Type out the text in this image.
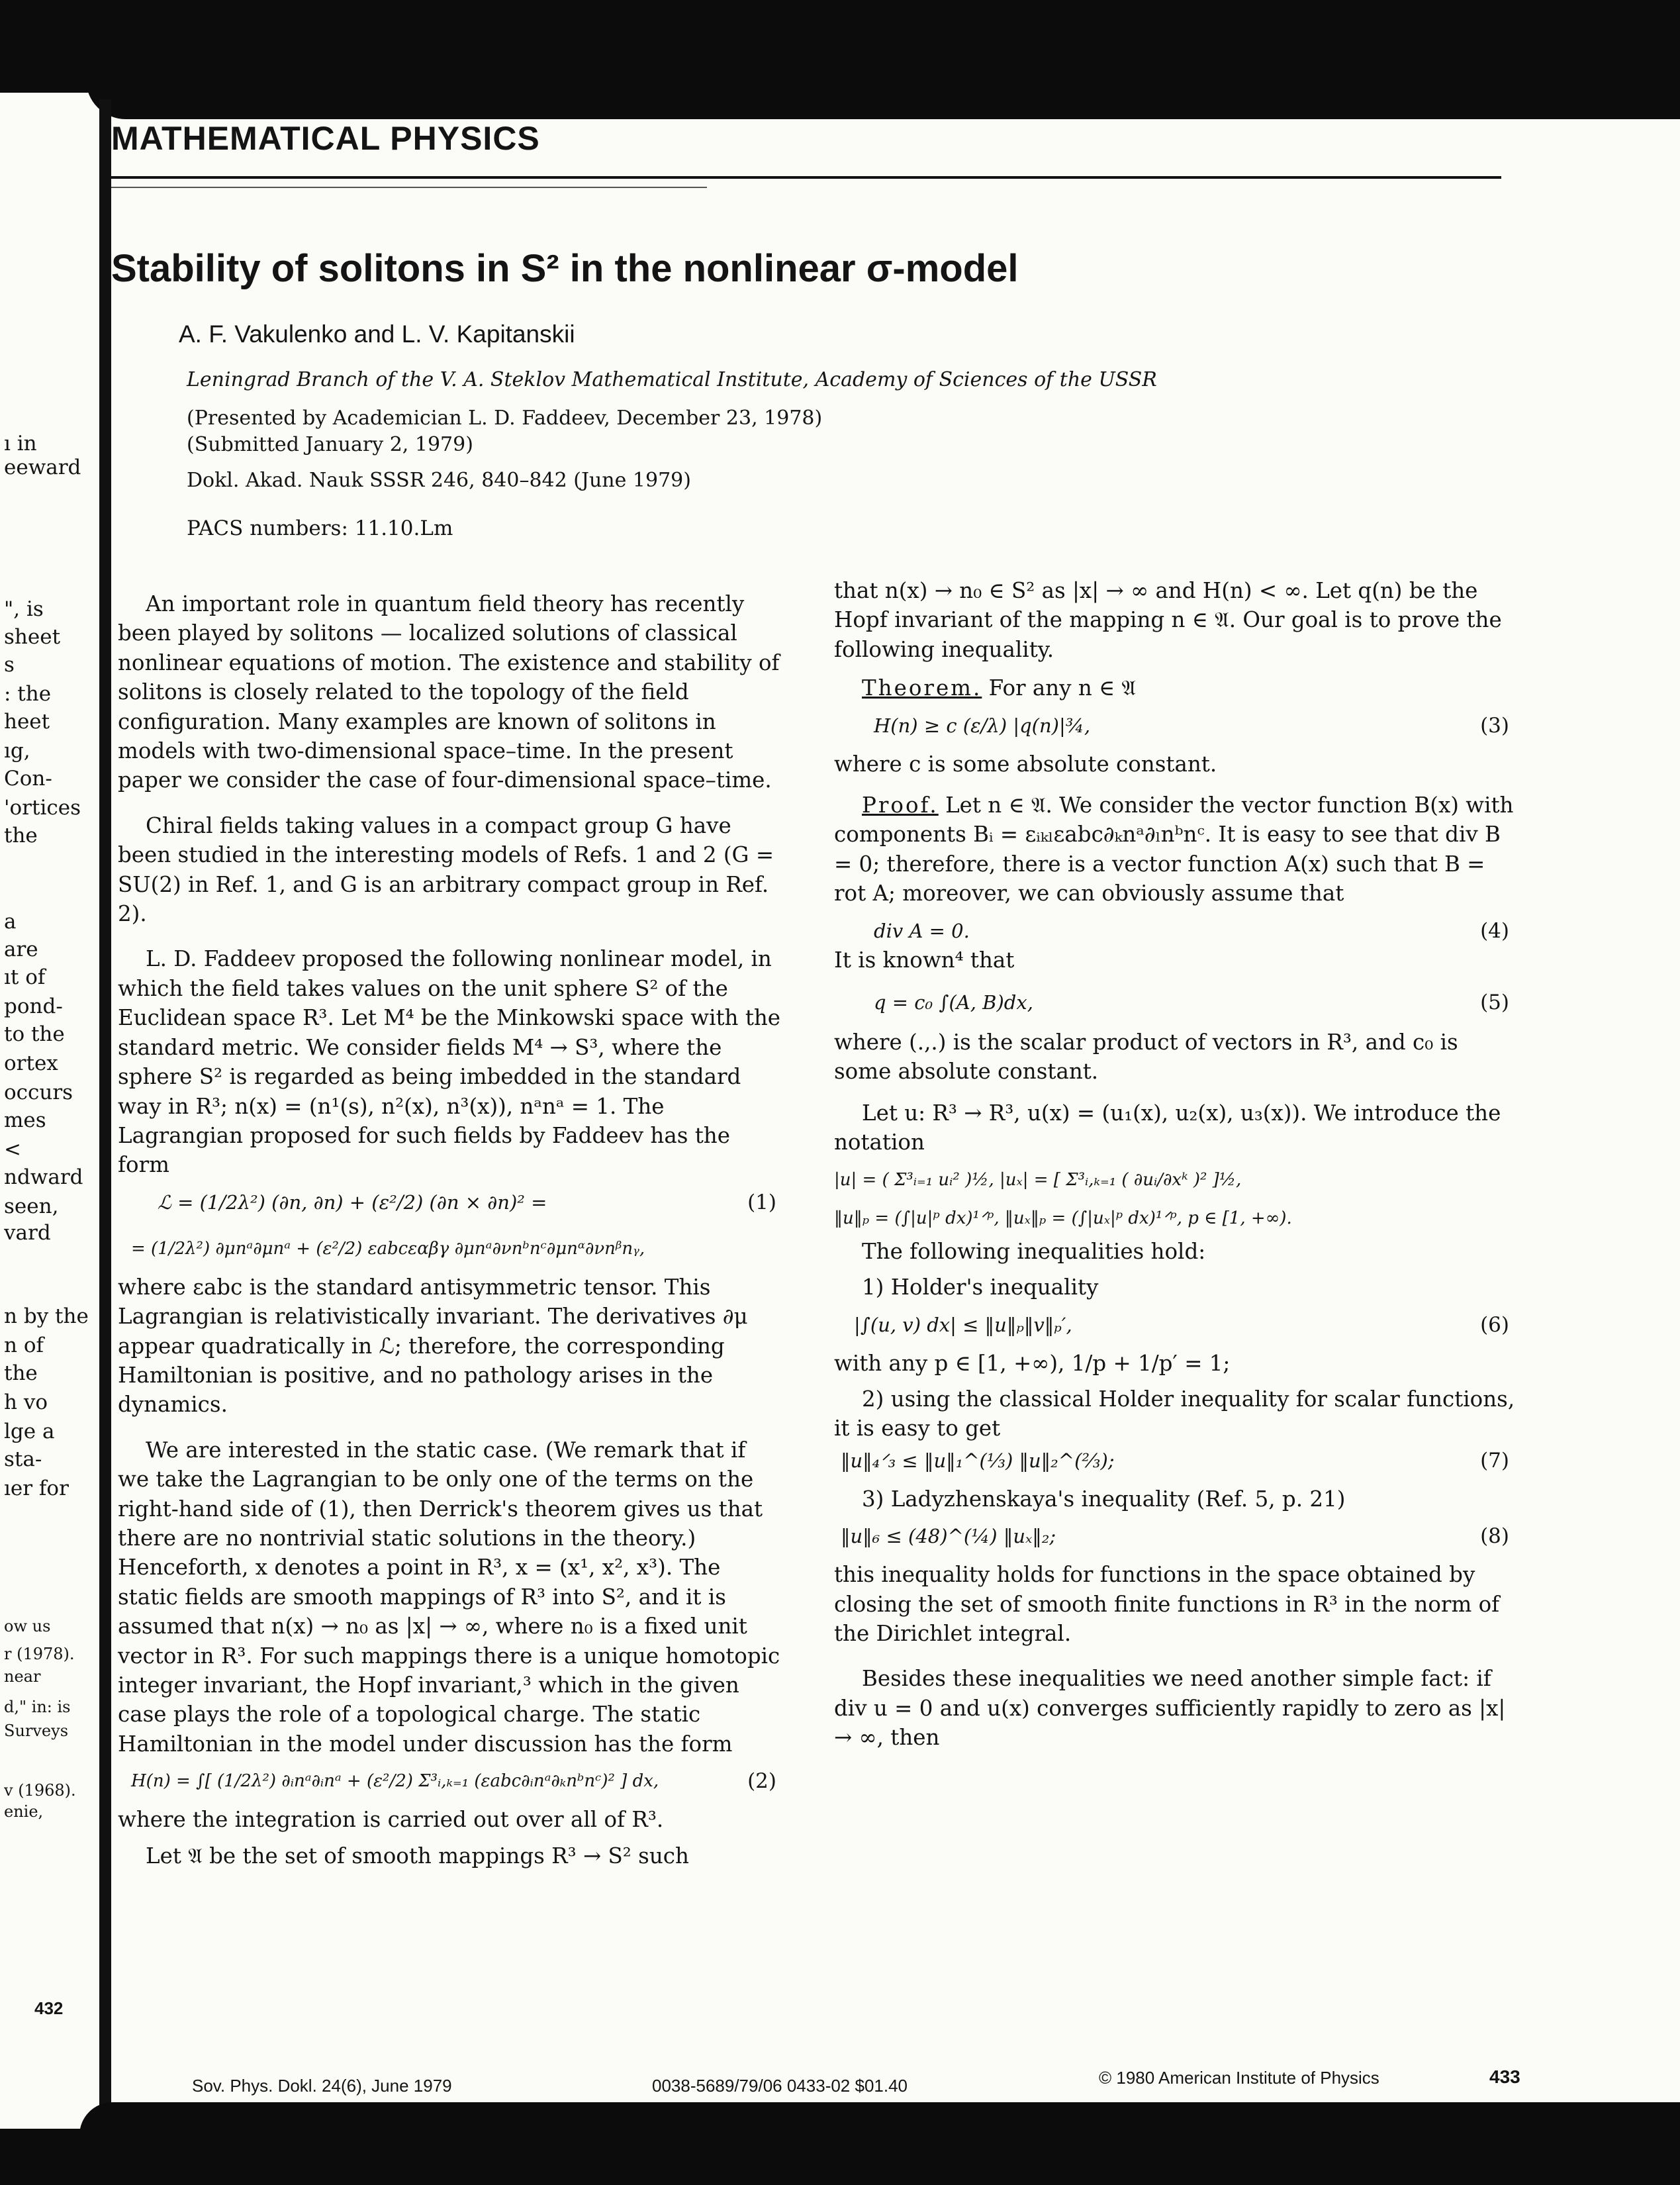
ı in
eeward
", is
sheet
s
: the
heet
ıg,
Con-
'ortices
the
a
are
ıt of
pond-
to the
ortex
occurs
mes
<
ndward
seen,
vard
n by the
n of
the
h vo
lge a
sta-
ıer for
ow us
r (1978).
near
d," in: is
Surveys
v (1968).
enie,
432
MATHEMATICAL PHYSICS
Stability of solitons in S² in the nonlinear σ-model
A. F. Vakulenko and L. V. Kapitanskii
Leningrad Branch of the V. A. Steklov Mathematical Institute, Academy of Sciences of the USSR
(Presented by Academician L. D. Faddeev, December 23, 1978)
(Submitted January 2, 1979)
Dokl. Akad. Nauk SSSR 246, 840–842 (June 1979)
PACS numbers: 11.10.Lm

An important role in quantum field theory has recently been played by solitons — localized solutions of classical nonlinear equations of motion. The existence and stability of solitons is closely related to the topology of the field configuration. Many examples are known of solitons in models with two-dimensional space–time. In the present paper we consider the case of four-dimensional space–time.

Chiral fields taking values in a compact group G have been studied in the interesting models of Refs. 1 and 2 (G = SU(2) in Ref. 1, and G is an arbitrary compact group in Ref. 2).

L. D. Faddeev proposed the following nonlinear model, in which the field takes values on the unit sphere S² of the Euclidean space R³. Let M⁴ be the Minkowski space with the standard metric. We consider fields M⁴ → S³, where the sphere S² is regarded as being imbedded in the standard way in R³; n(x) = (n¹(s), n²(x), n³(x)), nᵃnᵃ = 1. The Lagrangian proposed for such fields by Faddeev has the form

ℒ = (1/2λ²) (∂n, ∂n) + (ε²/2) (∂n × ∂n)² =	(1)
= (1/2λ²) ∂μnᵃ∂μnᵃ + (ε²/2) εabcεαβγ ∂μnᵃ∂νnᵇnᶜ∂μnᵅ∂νnᵝnᵧ,

where εabc is the standard antisymmetric tensor. This Lagrangian is relativistically invariant. The derivatives ∂μ appear quadratically in ℒ; therefore, the corresponding Hamiltonian is positive, and no pathology arises in the dynamics.

We are interested in the static case. (We remark that if we take the Lagrangian to be only one of the terms on the right-hand side of (1), then Derrick's theorem gives us that there are no nontrivial static solutions in the theory.) Henceforth, x denotes a point in R³, x = (x¹, x², x³). The static fields are smooth mappings of R³ into S², and it is assumed that n(x) → n₀ as |x| → ∞, where n₀ is a fixed unit vector in R³. For such mappings there is a unique homotopic integer invariant, the Hopf invariant,³ which in the given case plays the role of a topological charge. The static Hamiltonian in the model under discussion has the form

H(n) = ∫[ (1/2λ²) ∂ᵢnᵃ∂ᵢnᵃ + (ε²/2) Σ³ᵢ,ₖ₌₁ (εabc∂ᵢnᵃ∂ₖnᵇnᶜ)² ] dx,	(2)

where the integration is carried out over all of R³.

Let 𝔄 be the set of smooth mappings R³ → S² such

that n(x) → n₀ ∈ S² as |x| → ∞ and H(n) < ∞. Let q(n) be the Hopf invariant of the mapping n ∈ 𝔄. Our goal is to prove the following inequality.

Theorem. For any n ∈ 𝔄

H(n) ≥ c (ε/λ) |q(n)|¾,	(3)

where c is some absolute constant.

Proof. Let n ∈ 𝔄. We consider the vector function B(x) with components Bᵢ = εᵢₖₗεabc∂ₖnᵃ∂ₗnᵇnᶜ. It is easy to see that div B = 0; therefore, there is a vector function A(x) such that B = rot A; moreover, we can obviously assume that

div A = 0.	(4)

It is known⁴ that

q = c₀ ∫(A, B)dx,	(5)

where (.,.) is the scalar product of vectors in R³, and c₀ is some absolute constant.

Let u: R³ → R³, u(x) = (u₁(x), u₂(x), u₃(x)). We introduce the notation

|u| = ( Σ³ᵢ₌₁ uᵢ² )½, |uₓ| = [ Σ³ᵢ,ₖ₌₁ ( ∂uᵢ/∂xᵏ )² ]½,
‖u‖ₚ = (∫|u|ᵖ dx)¹ᐟᵖ, ‖uₓ‖ₚ = (∫|uₓ|ᵖ dx)¹ᐟᵖ, p ∈ [1, +∞).

The following inequalities hold:

1) Holder's inequality

|∫(u, v) dx| ≤ ‖u‖ₚ‖v‖ₚ′,	(6)

with any p ∈ [1, +∞), 1/p + 1/p′ = 1;

2) using the classical Holder inequality for scalar functions, it is easy to get

‖u‖₄ᐟ₃ ≤ ‖u‖₁^(⅓) ‖u‖₂^(⅔);	(7)

3) Ladyzhenskaya's inequality (Ref. 5, p. 21)

‖u‖₆ ≤ (48)^(¼) ‖uₓ‖₂;	(8)

this inequality holds for functions in the space obtained by closing the set of smooth finite functions in R³ in the norm of the Dirichlet integral.

Besides these inequalities we need another simple fact: if div u = 0 and u(x) converges sufficiently rapidly to zero as |x| → ∞, then

Sov. Phys. Dokl. 24(6), June 1979	0038-5689/79/06 0433-02 $01.40	© 1980 American Institute of Physics	433
